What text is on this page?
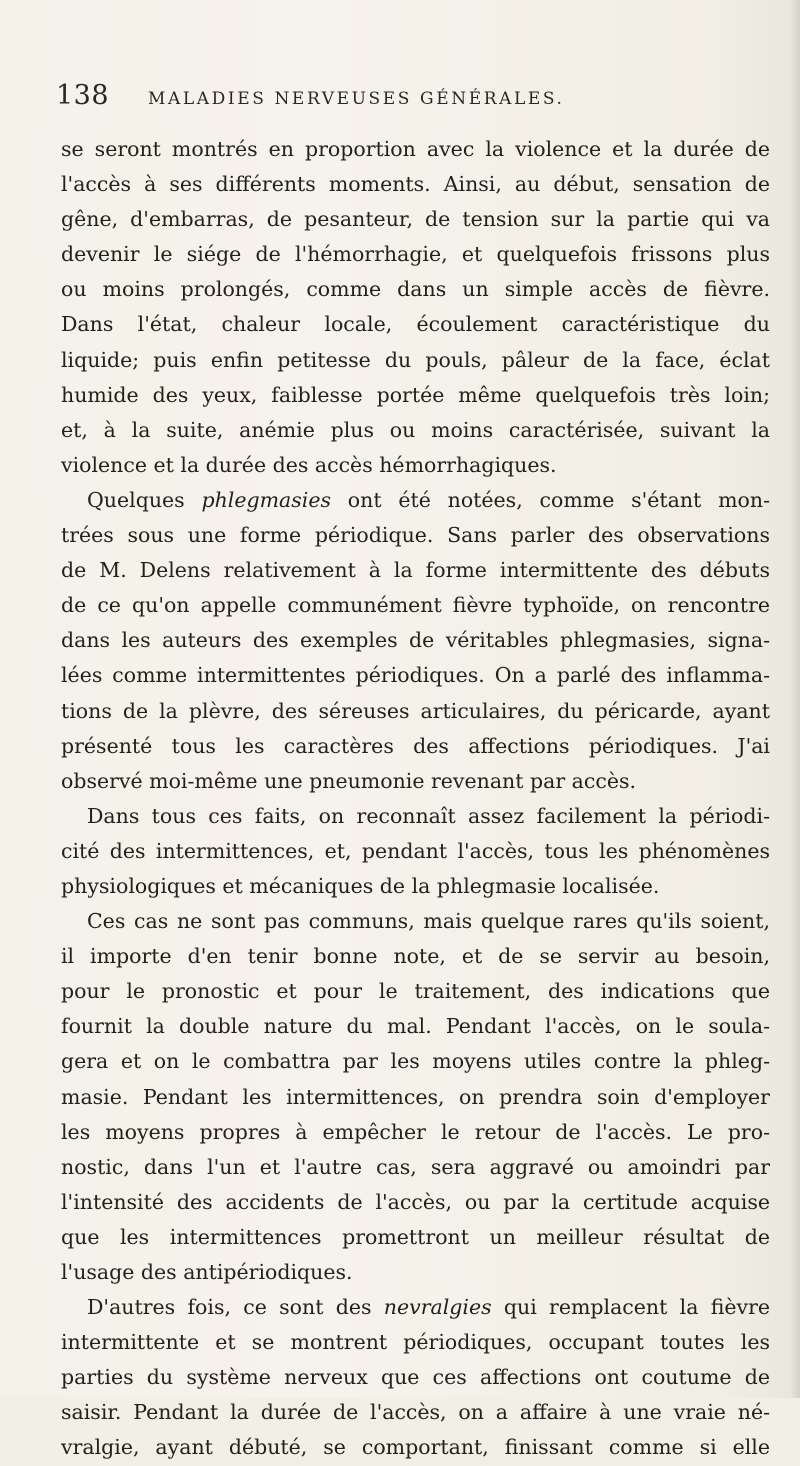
138 MALADIES NERVEUSES GÉNÉRALES.
se seront montrés en proportion avec la violence et la durée de
l'accès à ses différents moments. Ainsi, au début, sensation de
gêne, d'embarras, de pesanteur, de tension sur la partie qui va
devenir le siége de l'hémorrhagie, et quelquefois frissons plus
ou moins prolongés, comme dans un simple accès de fièvre.
Dans l'état, chaleur locale, écoulement caractéristique du
liquide; puis enfin petitesse du pouls, pâleur de la face, éclat
humide des yeux, faiblesse portée même quelquefois très loin;
et, à la suite, anémie plus ou moins caractérisée, suivant la
violence et la durée des accès hémorrhagiques.
Quelques phlegmasies ont été notées, comme s'étant mon-
trées sous une forme périodique. Sans parler des observations
de M. Delens relativement à la forme intermittente des débuts
de ce qu'on appelle communément fièvre typhoïde, on rencontre
dans les auteurs des exemples de véritables phlegmasies, signa-
lées comme intermittentes périodiques. On a parlé des inflamma-
tions de la plèvre, des séreuses articulaires, du péricarde, ayant
présenté tous les caractères des affections périodiques. J'ai
observé moi-même une pneumonie revenant par accès.
Dans tous ces faits, on reconnaît assez facilement la périodi-
cité des intermittences, et, pendant l'accès, tous les phénomènes
physiologiques et mécaniques de la phlegmasie localisée.
Ces cas ne sont pas communs, mais quelque rares qu'ils soient,
il importe d'en tenir bonne note, et de se servir au besoin,
pour le pronostic et pour le traitement, des indications que
fournit la double nature du mal. Pendant l'accès, on le soula-
gera et on le combattra par les moyens utiles contre la phleg-
masie. Pendant les intermittences, on prendra soin d'employer
les moyens propres à empêcher le retour de l'accès. Le pro-
nostic, dans l'un et l'autre cas, sera aggravé ou amoindri par
l'intensité des accidents de l'accès, ou par la certitude acquise
que les intermittences promettront un meilleur résultat de
l'usage des antipériodiques.
D'autres fois, ce sont des nevralgies qui remplacent la fièvre
intermittente et se montrent périodiques, occupant toutes les
parties du système nerveux que ces affections ont coutume de
saisir. Pendant la durée de l'accès, on a affaire à une vraie né-
vralgie, ayant débuté, se comportant, finissant comme si elle
